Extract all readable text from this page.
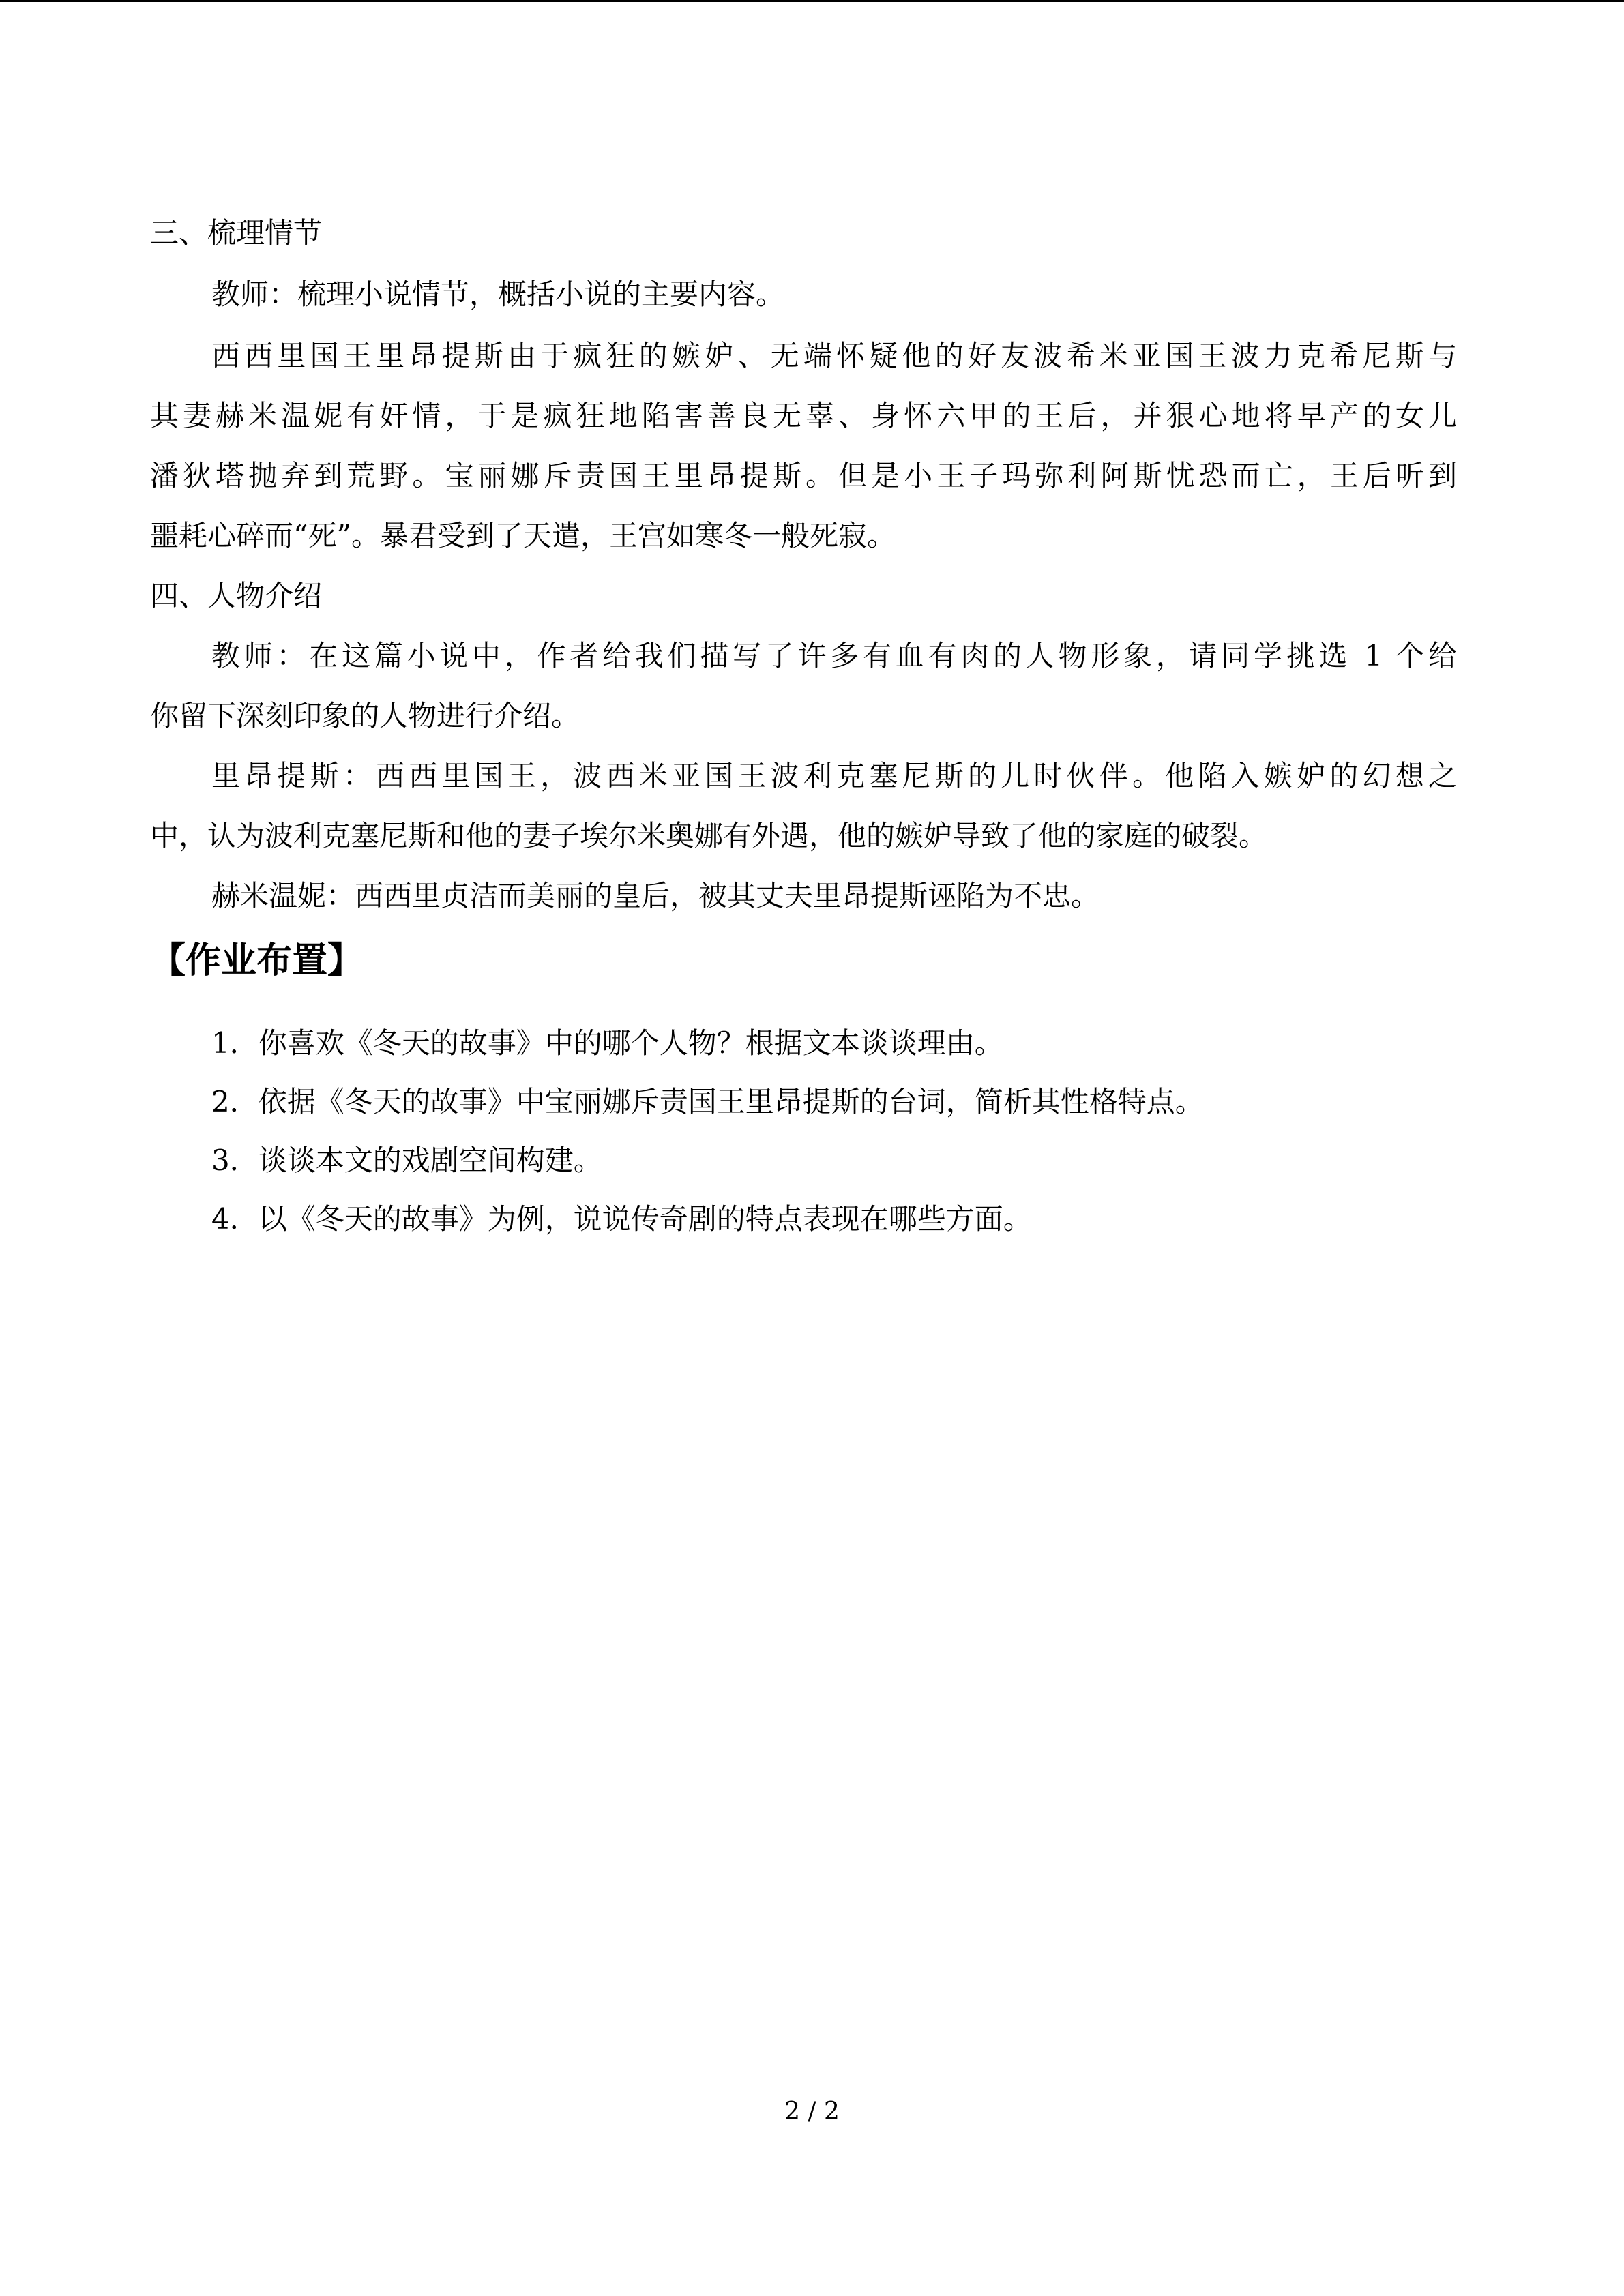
三、梳理情节
教师：梳理小说情节，概括小说的主要内容。
西西里国王里昂提斯由于疯狂的嫉妒、无端怀疑他的好友波希米亚国王波力克希尼斯与
其妻赫米温妮有奸情，于是疯狂地陷害善良无辜、身怀六甲的王后，并狠心地将早产的女儿
潘狄塔抛弃到荒野。宝丽娜斥责国王里昂提斯。但是小王子玛弥利阿斯忧恐而亡，王后听到
噩耗心碎而“死”。暴君受到了天遣，王宫如寒冬一般死寂。
四、人物介绍
教师：在这篇小说中，作者给我们描写了许多有血有肉的人物形象，请同学挑选 1 个给
你留下深刻印象的人物进行介绍。
里昂提斯：西西里国王，波西米亚国王波利克塞尼斯的儿时伙伴。他陷入嫉妒的幻想之
中，认为波利克塞尼斯和他的妻子埃尔米奥娜有外遇，他的嫉妒导致了他的家庭的破裂。
赫米温妮：西西里贞洁而美丽的皇后，被其丈夫里昂提斯诬陷为不忠。
【作业布置】
1．你喜欢《冬天的故事》中的哪个人物？根据文本谈谈理由。
2．依据《冬天的故事》中宝丽娜斥责国王里昂提斯的台词，简析其性格特点。
3．谈谈本文的戏剧空间构建。
4．以《冬天的故事》为例，说说传奇剧的特点表现在哪些方面。
2 / 2
